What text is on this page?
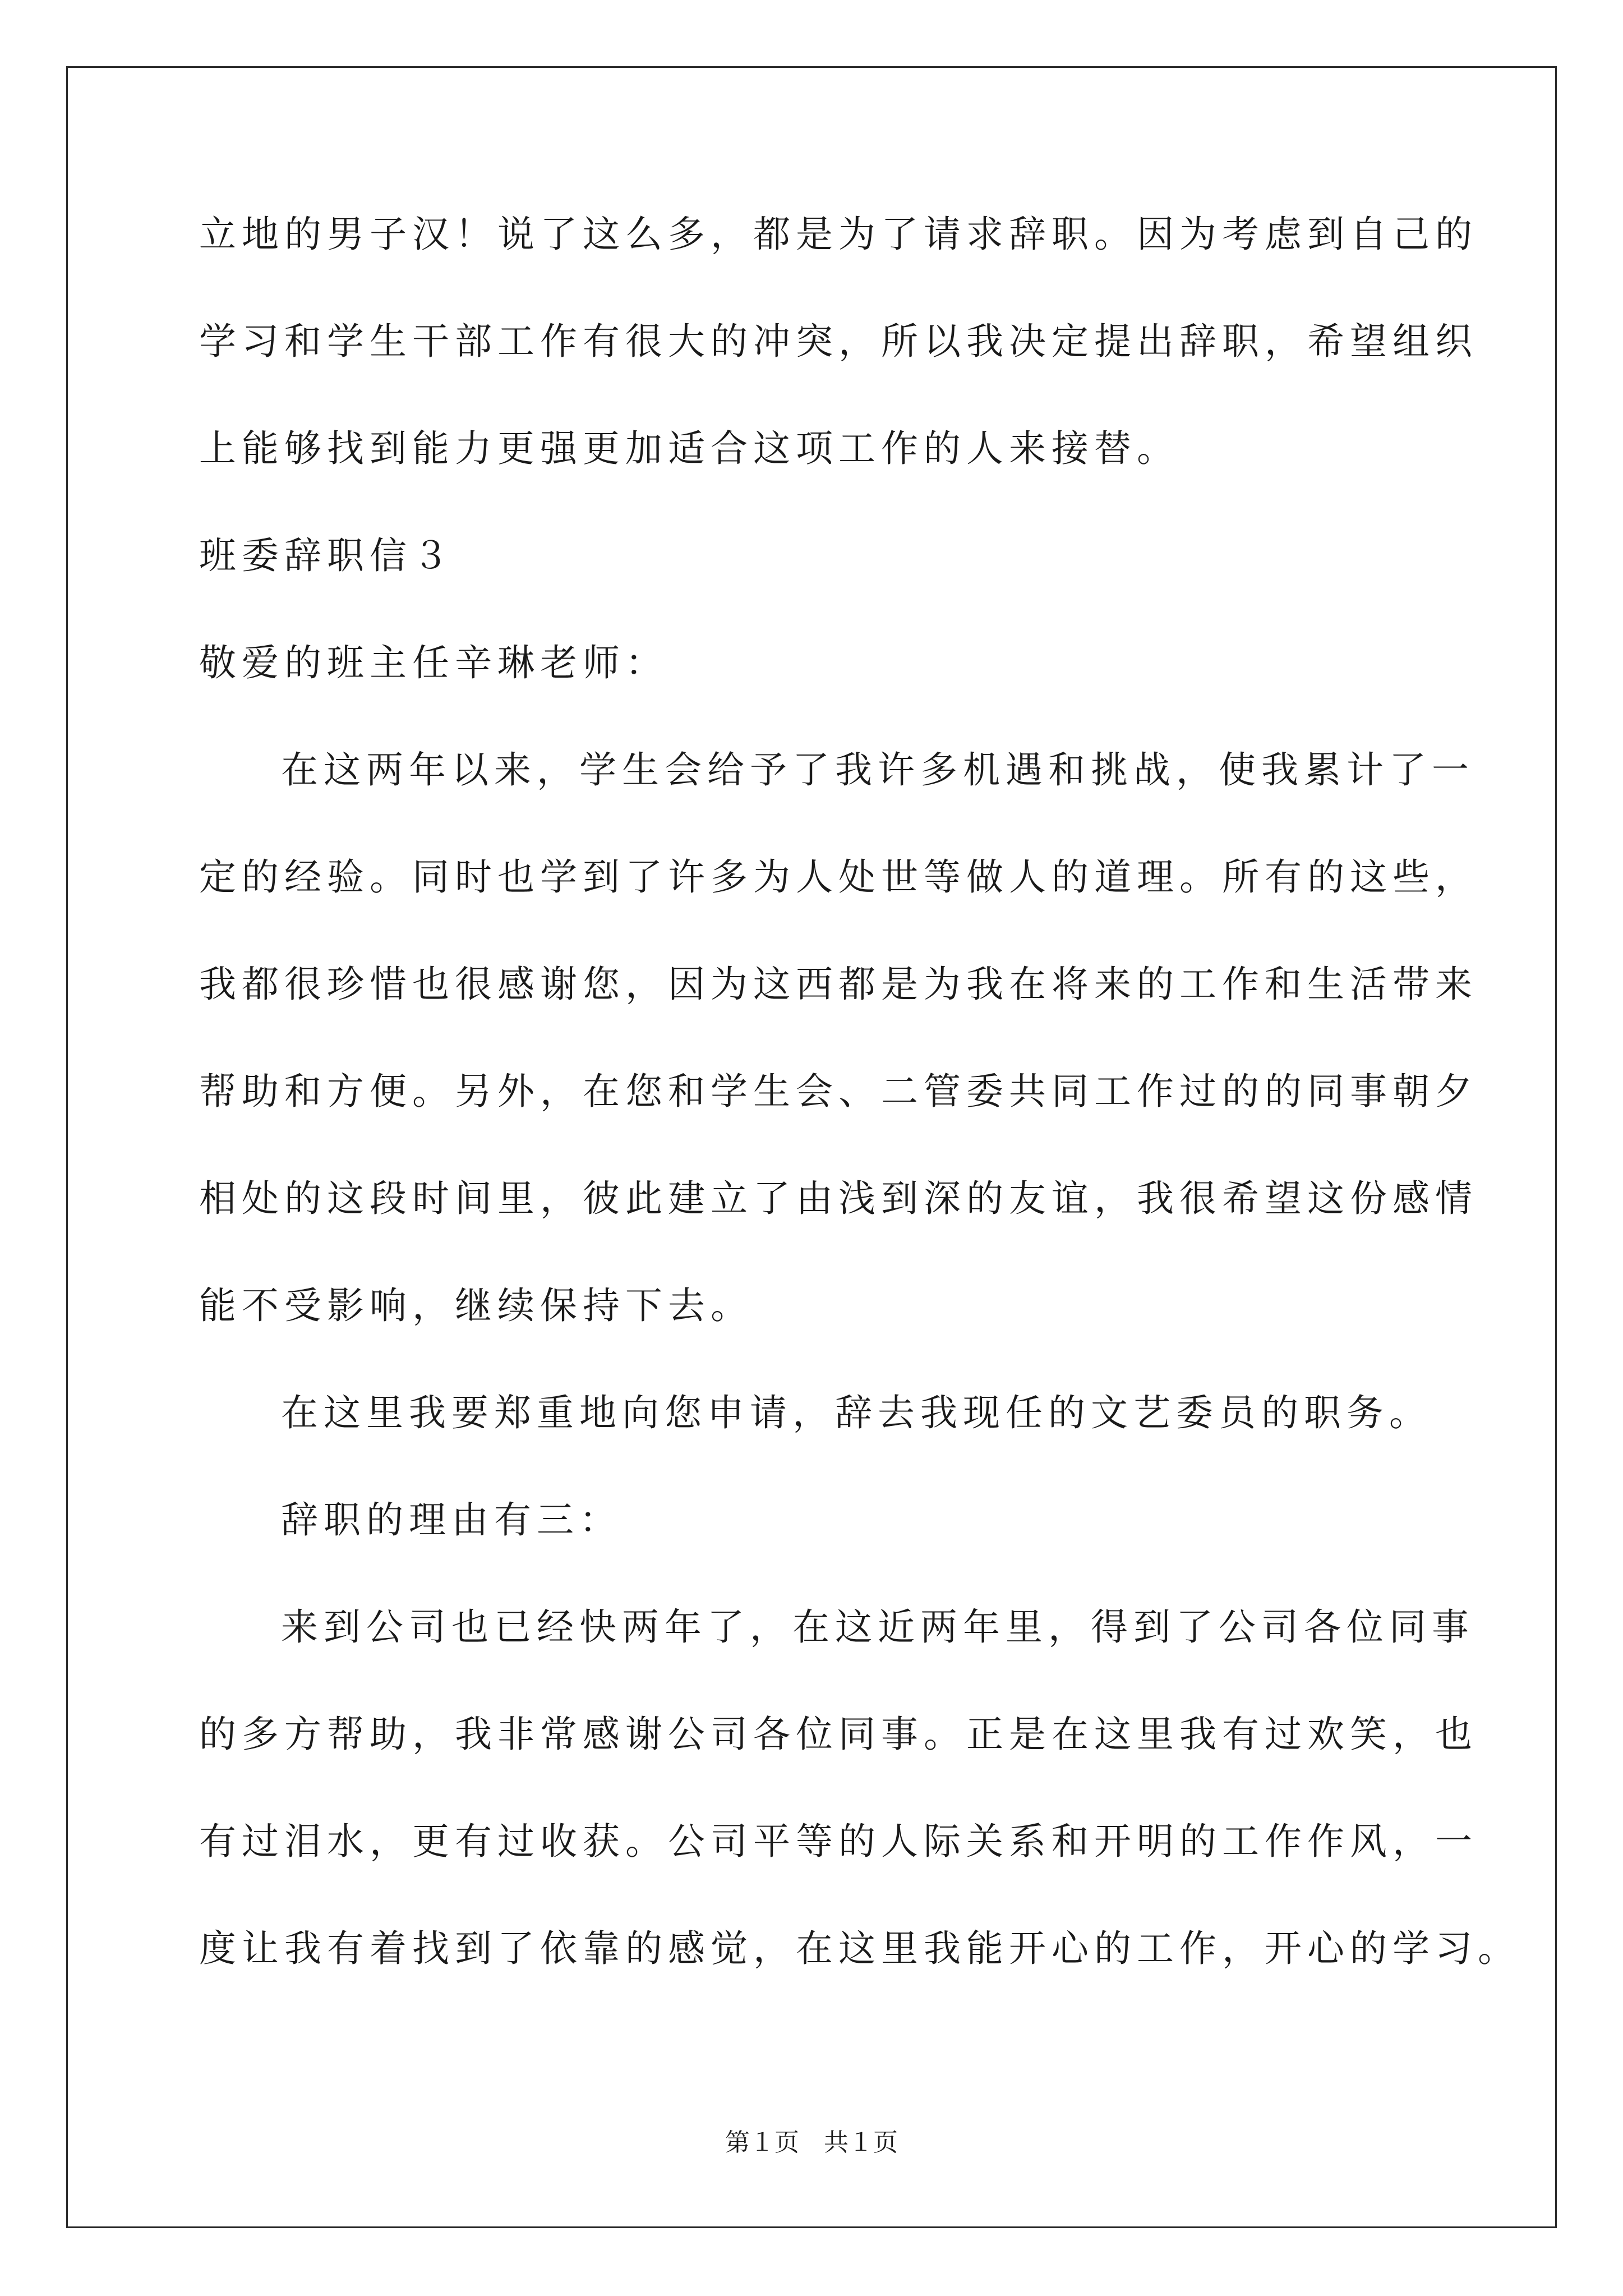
立地的男子汉！说了这么多，都是为了请求辞职。因为考虑到自己的

学习和学生干部工作有很大的冲突，所以我决定提出辞职，希望组织

上能够找到能力更强更加适合这项工作的人来接替。

班委辞职信３

敬爱的班主任辛琳老师：

在这两年以来，学生会给予了我许多机遇和挑战，使我累计了一

定的经验。同时也学到了许多为人处世等做人的道理。所有的这些，

我都很珍惜也很感谢您，因为这西都是为我在将来的工作和生活带来

帮助和方便。另外，在您和学生会、二管委共同工作过的的同事朝夕

相处的这段时间里，彼此建立了由浅到深的友谊，我很希望这份感情

能不受影响，继续保持下去。

在这里我要郑重地向您申请，辞去我现任的文艺委员的职务。

辞职的理由有三：

来到公司也已经快两年了，在这近两年里，得到了公司各位同事

的多方帮助，我非常感谢公司各位同事。正是在这里我有过欢笑，也

有过泪水，更有过收获。公司平等的人际关系和开明的工作作风，一

度让我有着找到了依靠的感觉，在这里我能开心的工作，开心的学习。

第１页　共１页
